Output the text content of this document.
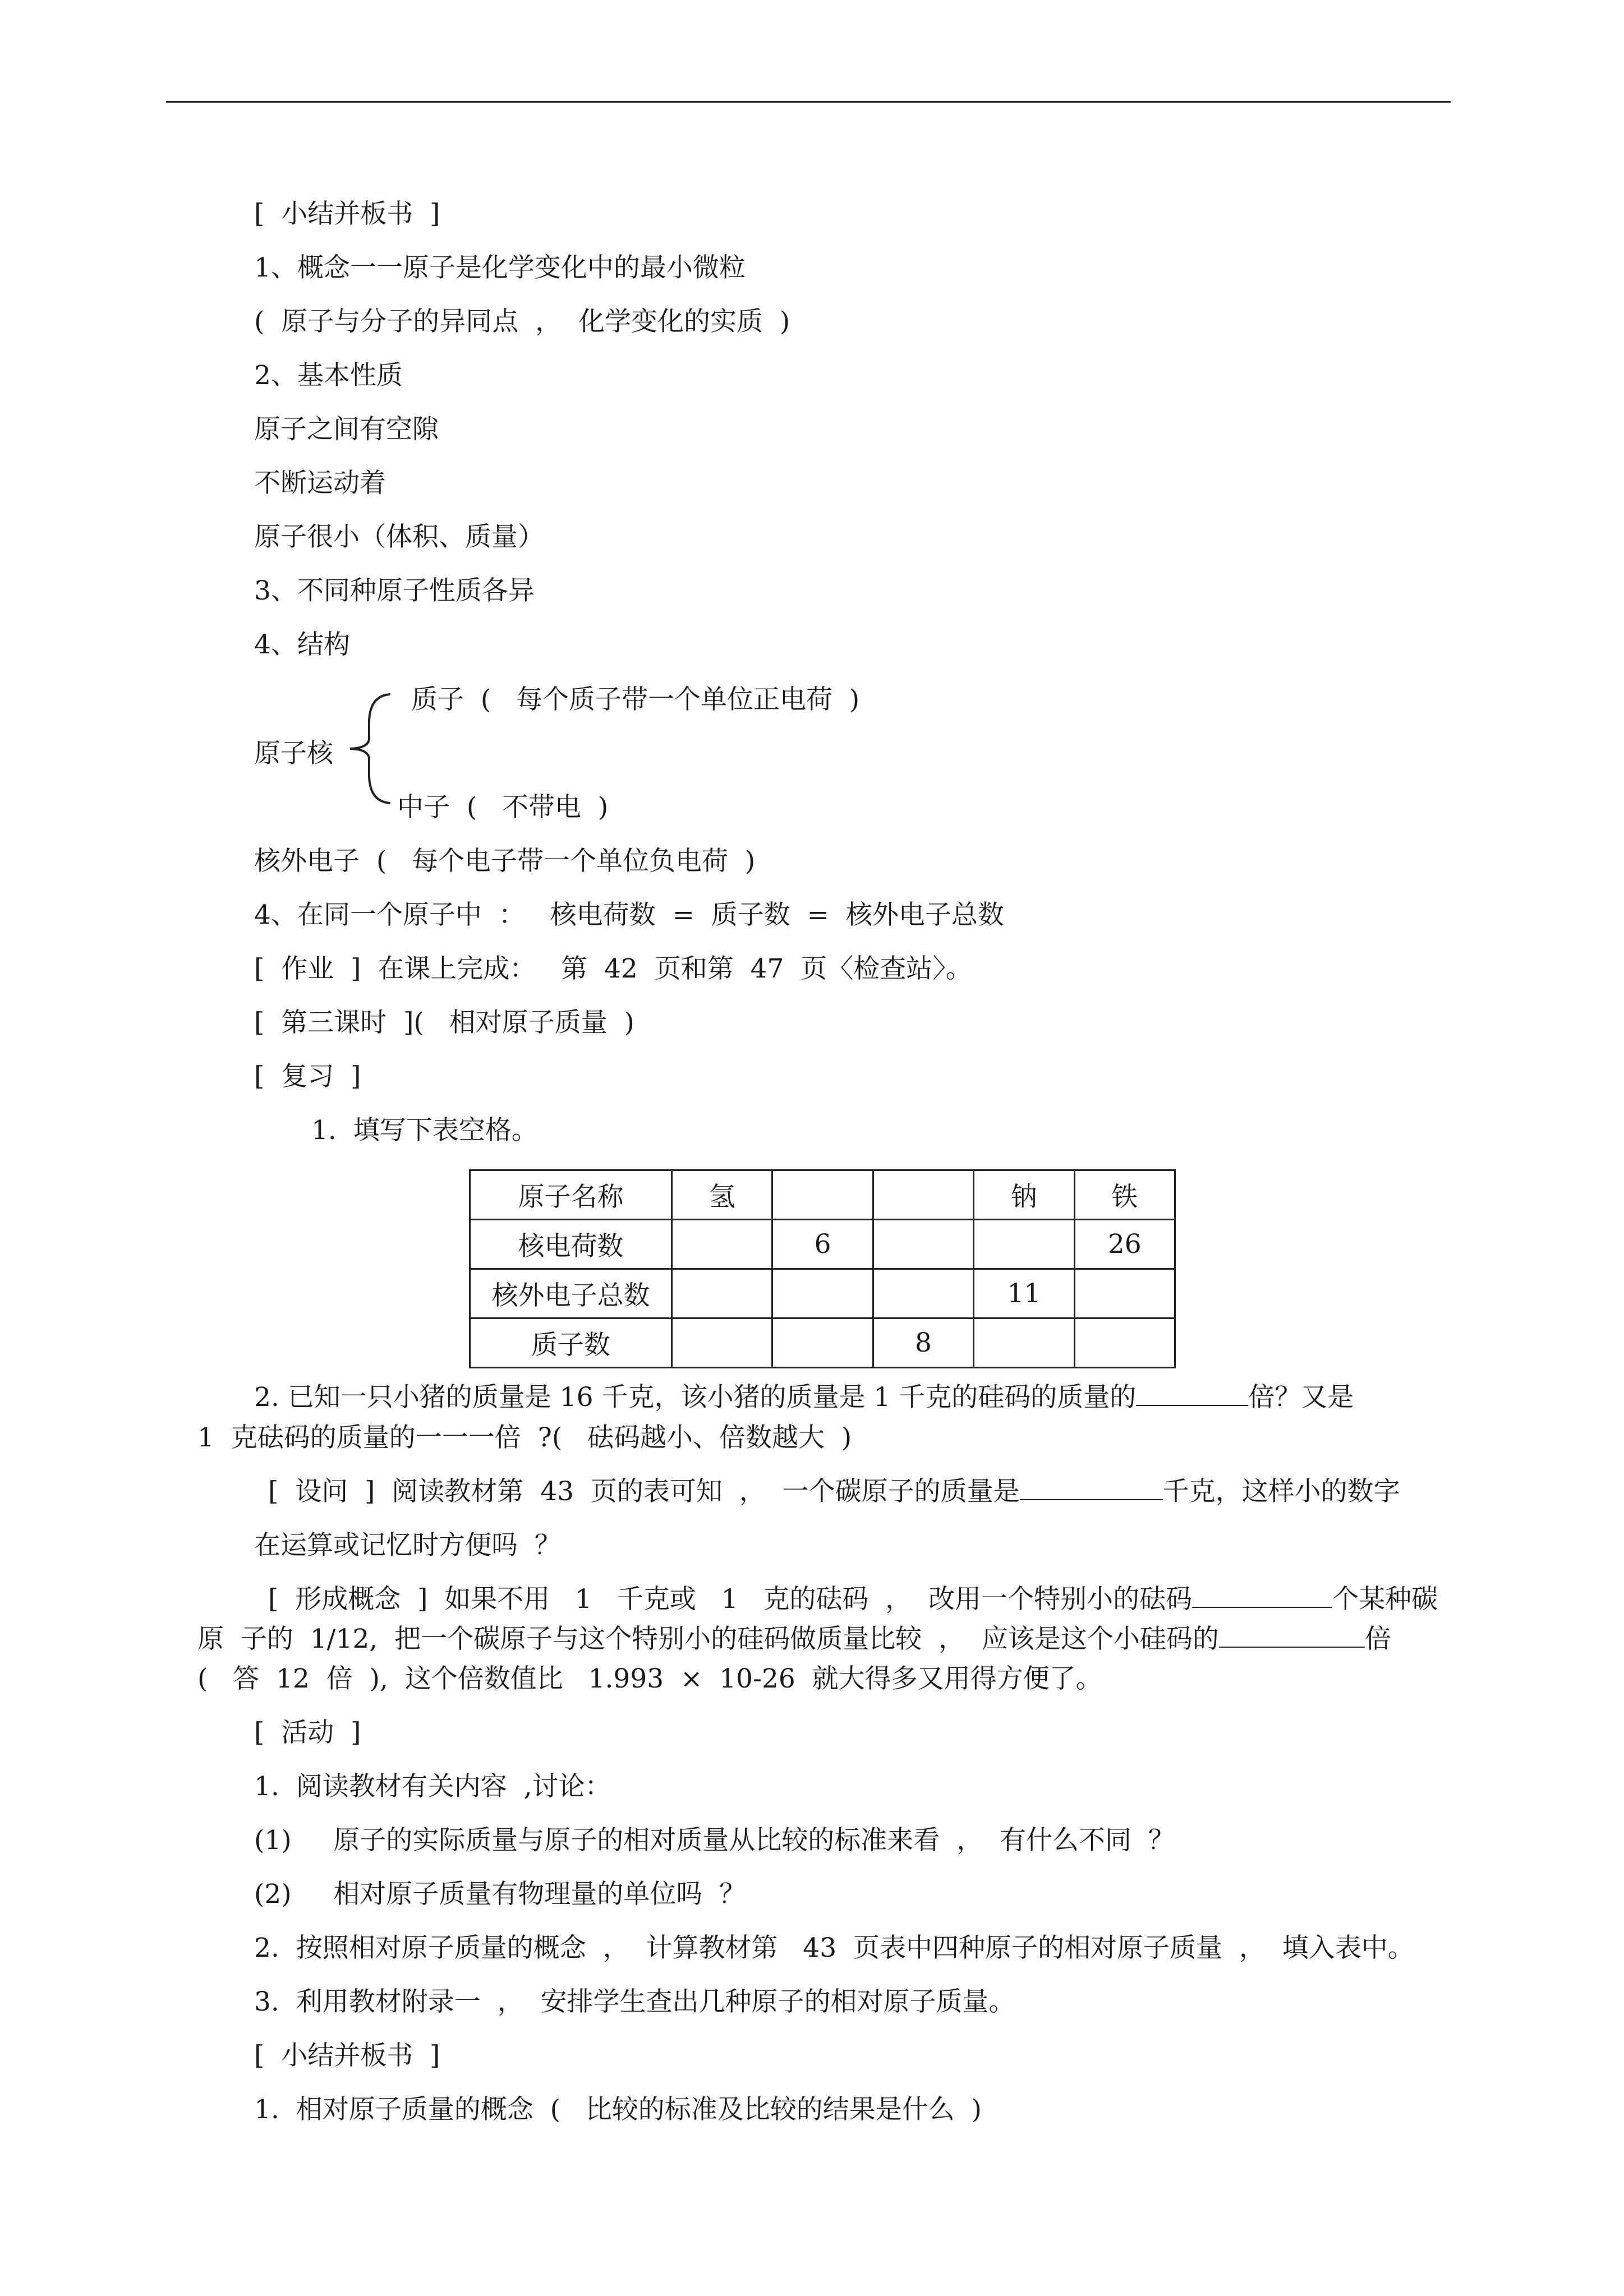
[  小结并板书  ]
1、概念一一原子是化学变化中的最小微粒
(  原子与分子的异同点  ，  化学变化的实质  )
2、基本性质
原子之间有空隙
不断运动着
原子很小（体积、质量）
3、不同种原子性质各异
4、结构
质子  (   每个质子带一个单位正电荷  )
原子核
中子  (   不带电  )
核外电子  (   每个电子带一个单位负电荷  )
4、在同一个原子中  ：   核电荷数  =  质子数  =  核外电子总数
[  作业  ]  在课上完成：   第  42  页和第  47  页〈检查站〉。
[  第三课时  ](   相对原子质量  )
[  复习  ]
1.  填写下表空格。
原子名称	氢			钠	铁
核电荷数		6			26
核外电子总数				11	
质子数			8		
2. 已知一只小猪的质量是 16 千克，该小猪的质量是 1 千克的硅码的质量的	倍？又是
1  克砝码的质量的一一一倍  ?(   砝码越小、倍数越大  )
[  设问  ]  阅读教材第  43  页的表可知  ，  一个碳原子的质量是	千克，这样小的数字
在运算或记忆时方便吗  ？
[  形成概念  ]  如果不用   1   千克或   1   克的砝码  ，  改用一个特别小的砝码	个某种碳
原  子的  1/12,  把一个碳原子与这个特别小的硅码做质量比较  ，  应该是这个小硅码的	倍
(   答  12  倍  ),  这个倍数值比   1.993  ×  10-26  就大得多又用得方便了。
[  活动  ]
1.  阅读教材有关内容  ,讨论：
(1)     原子的实际质量与原子的相对质量从比较的标准来看  ，  有什么不同  ？
(2)     相对原子质量有物理量的单位吗  ？
2.  按照相对原子质量的概念  ，  计算教材第   43  页表中四种原子的相对原子质量  ，  填入表中。
3.  利用教材附录一  ，  安排学生查出几种原子的相对原子质量。
[  小结并板书  ]
1.  相对原子质量的概念  (   比较的标准及比较的结果是什么  )
